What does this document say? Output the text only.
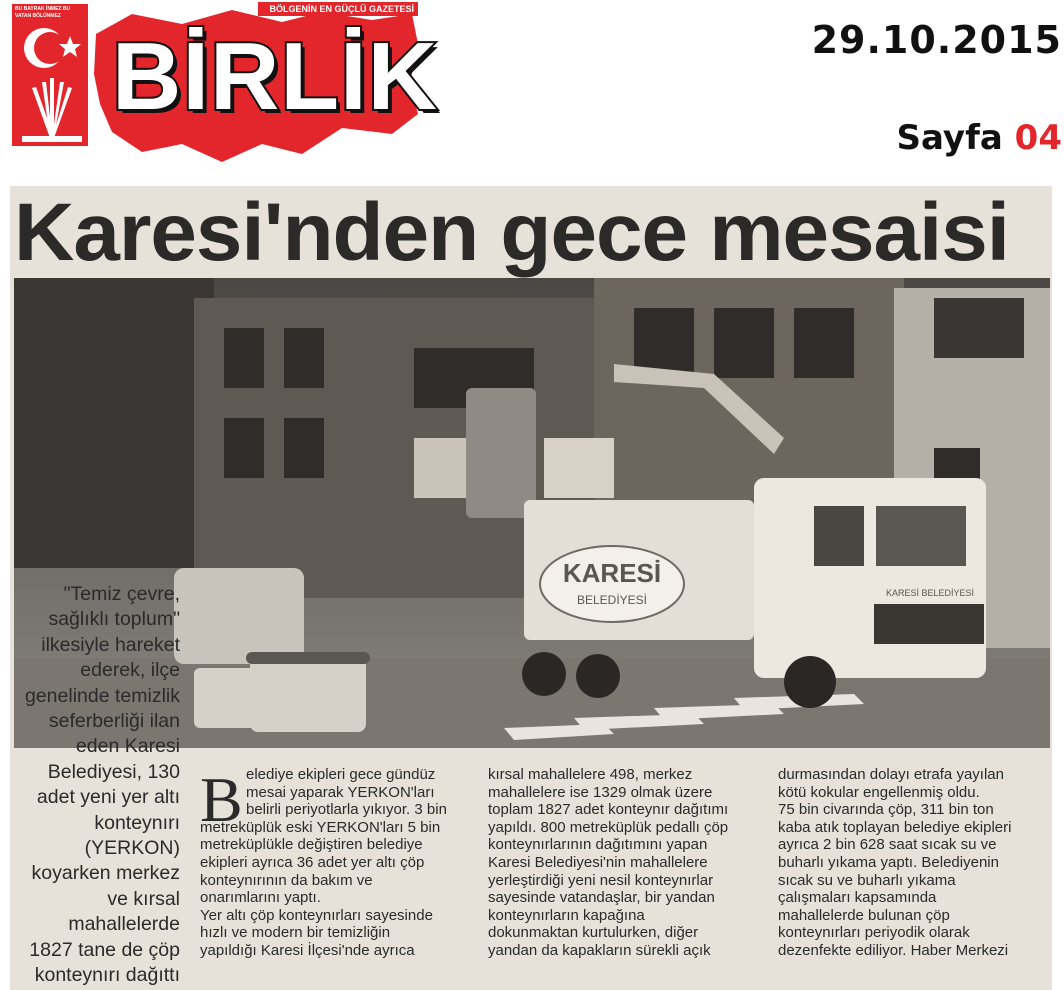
BU BAYRAK İNMEZ BU VATAN BÖLÜNMEZ
BÖLGENİN EN GÜÇLÜ GAZETESİ
BİRLİK	29.10.2015
Sayfa 04
Karesi'nden gece mesaisi
KARESİ
BELEDİYESİ	KARESİ BELEDİYESİ
"Temiz çevre,
sağlıklı toplum"
ilkesiyle hareket
ederek, ilçe
genelinde temizlik
seferberliği ilan
eden Karesi
Belediyesi, 130
adet yeni yer altı
konteynırı
(YERKON)
koyarken merkez
ve kırsal
mahallelerde
1827 tane de çöp
konteynırı dağıttı
B elediye ekipleri gece gündüz
mesai yaparak YERKON'ları
belirli periyotlarla yıkıyor. 3 bin
metreküplük eski YERKON'ları 5 bin
metreküplükle değiştiren belediye
ekipleri ayrıca 36 adet yer altı çöp
konteynırının da bakım ve
onarımlarını yaptı.
Yer altı çöp konteynırları sayesinde
hızlı ve modern bir temizliğin
yapıldığı Karesi İlçesi'nde ayrıca
kırsal mahallelere 498, merkez
mahallelere ise 1329 olmak üzere
toplam 1827 adet konteynır dağıtımı
yapıldı. 800 metreküplük pedallı çöp
konteynırlarının dağıtımını yapan
Karesi Belediyesi'nin mahallelere
yerleştirdiği yeni nesil konteynırlar
sayesinde vatandaşlar, bir yandan
konteynırların kapağına
dokunmaktan kurtulurken, diğer
yandan da kapakların sürekli açık
durmasından dolayı etrafa yayılan
kötü kokular engellenmiş oldu.
75 bin civarında çöp, 311 bin ton
kaba atık toplayan belediye ekipleri
ayrıca 2 bin 628 saat sıcak su ve
buharlı yıkama yaptı. Belediyenin
sıcak su ve buharlı yıkama
çalışmaları kapsamında
mahallelerde bulunan çöp
konteynırları periyodik olarak
dezenfekte ediliyor. Haber Merkezi
